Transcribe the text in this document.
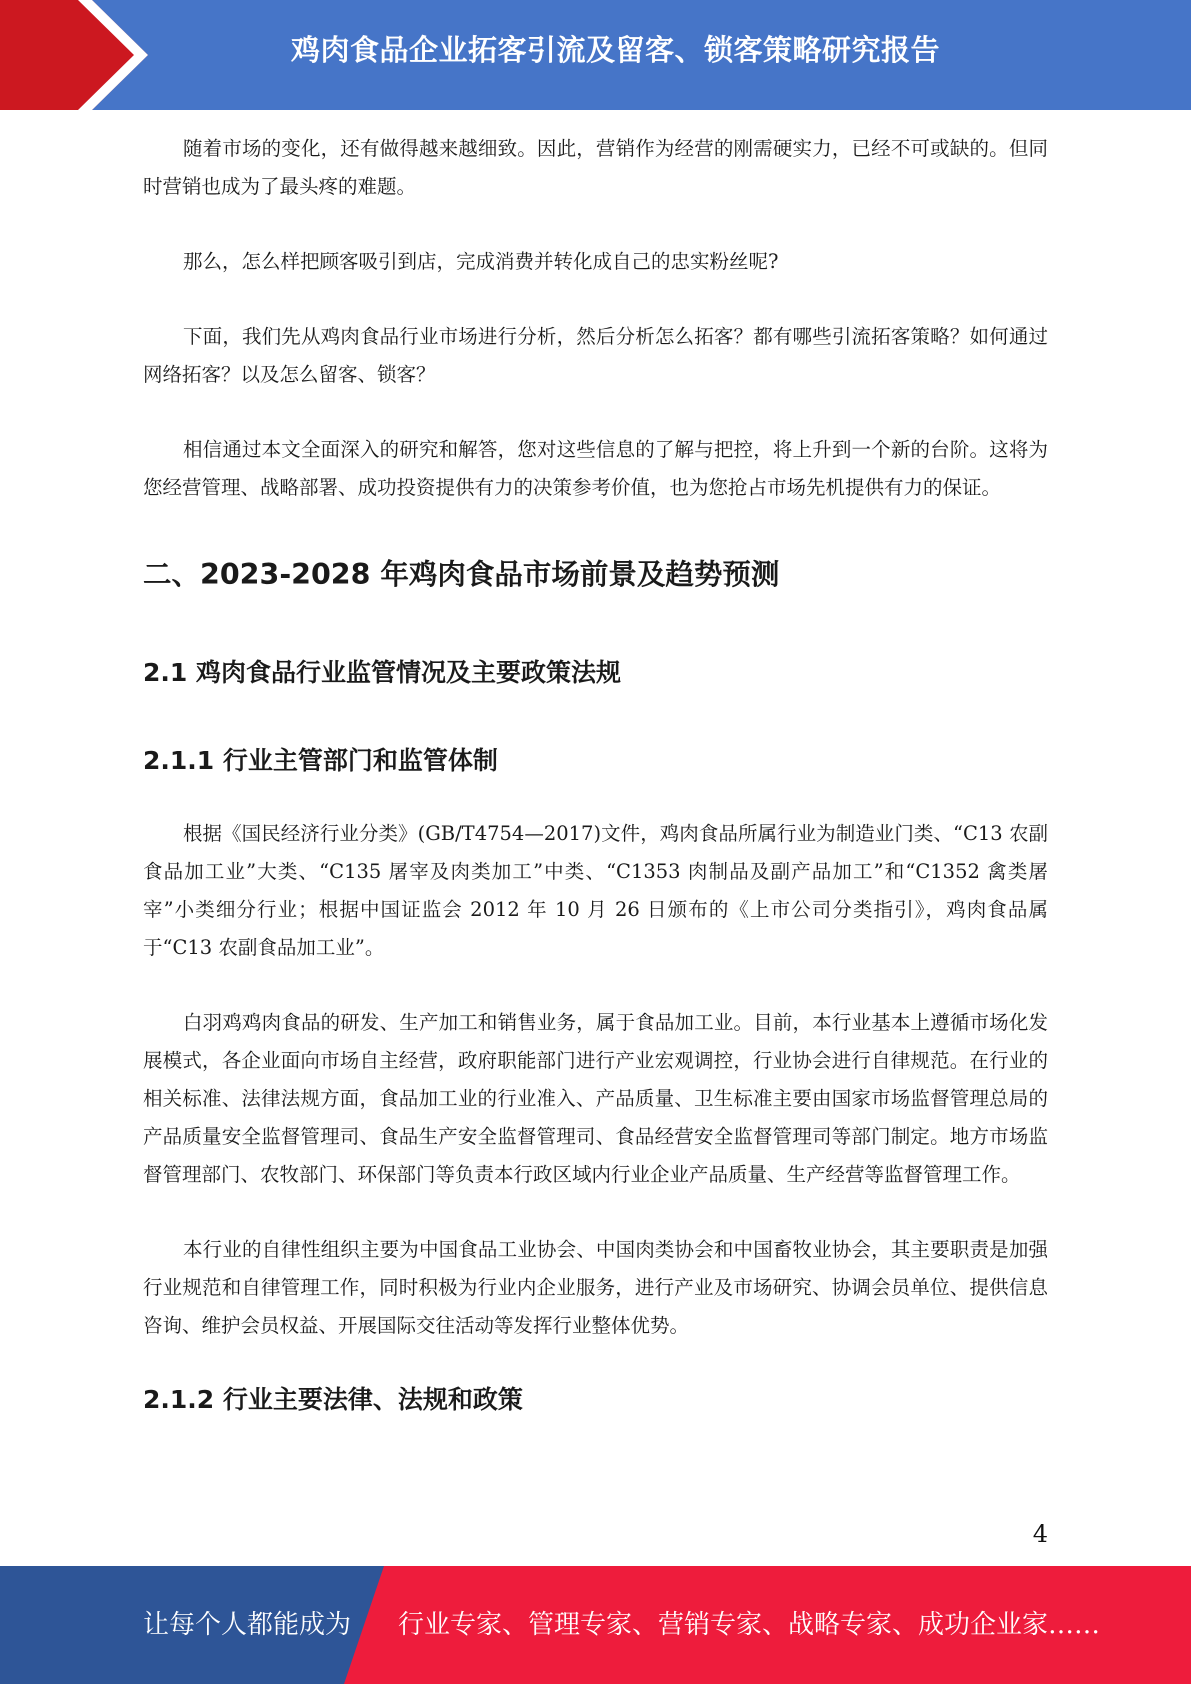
鸡肉食品企业拓客引流及留客、锁客策略研究报告

随着市场的变化，还有做得越来越细致。因此，营销作为经营的刚需硬实力，已经不可或缺的。但同时营销也成为了最头疼的难题。

那么，怎么样把顾客吸引到店，完成消费并转化成自己的忠实粉丝呢?

下面，我们先从鸡肉食品行业市场进行分析，然后分析怎么拓客？都有哪些引流拓客策略？如何通过网络拓客？以及怎么留客、锁客？

相信通过本文全面深入的研究和解答，您对这些信息的了解与把控，将上升到一个新的台阶。这将为您经营管理、战略部署、成功投资提供有力的决策参考价值，也为您抢占市场先机提供有力的保证。

二、2023-2028 年鸡肉食品市场前景及趋势预测
2.1 鸡肉食品行业监管情况及主要政策法规
2.1.1 行业主管部门和监管体制

根据《国民经济行业分类》(GB/T4754—2017)文件，鸡肉食品所属行业为制造业门类、“C13 农副食品加工业”大类、“C135 屠宰及肉类加工”中类、“C1353 肉制品及副产品加工”和“C1352 禽类屠宰”小类细分行业；根据中国证监会 2012 年 10 月 26 日颁布的《上市公司分类指引》，鸡肉食品属于“C13 农副食品加工业”。

白羽鸡鸡肉食品的研发、生产加工和销售业务，属于食品加工业。目前，本行业基本上遵循市场化发展模式，各企业面向市场自主经营，政府职能部门进行产业宏观调控，行业协会进行自律规范。在行业的相关标准、法律法规方面，食品加工业的行业准入、产品质量、卫生标准主要由国家市场监督管理总局的产品质量安全监督管理司、食品生产安全监督管理司、食品经营安全监督管理司等部门制定。地方市场监督管理部门、农牧部门、环保部门等负责本行政区域内行业企业产品质量、生产经营等监督管理工作。

本行业的自律性组织主要为中国食品工业协会、中国肉类协会和中国畜牧业协会，其主要职责是加强行业规范和自律管理工作，同时积极为行业内企业服务，进行产业及市场研究、协调会员单位、提供信息咨询、维护会员权益、开展国际交往活动等发挥行业整体优势。

2.1.2 行业主要法律、法规和政策
4
让每个人都能成为 行业专家、管理专家、营销专家、战略专家、成功企业家……
